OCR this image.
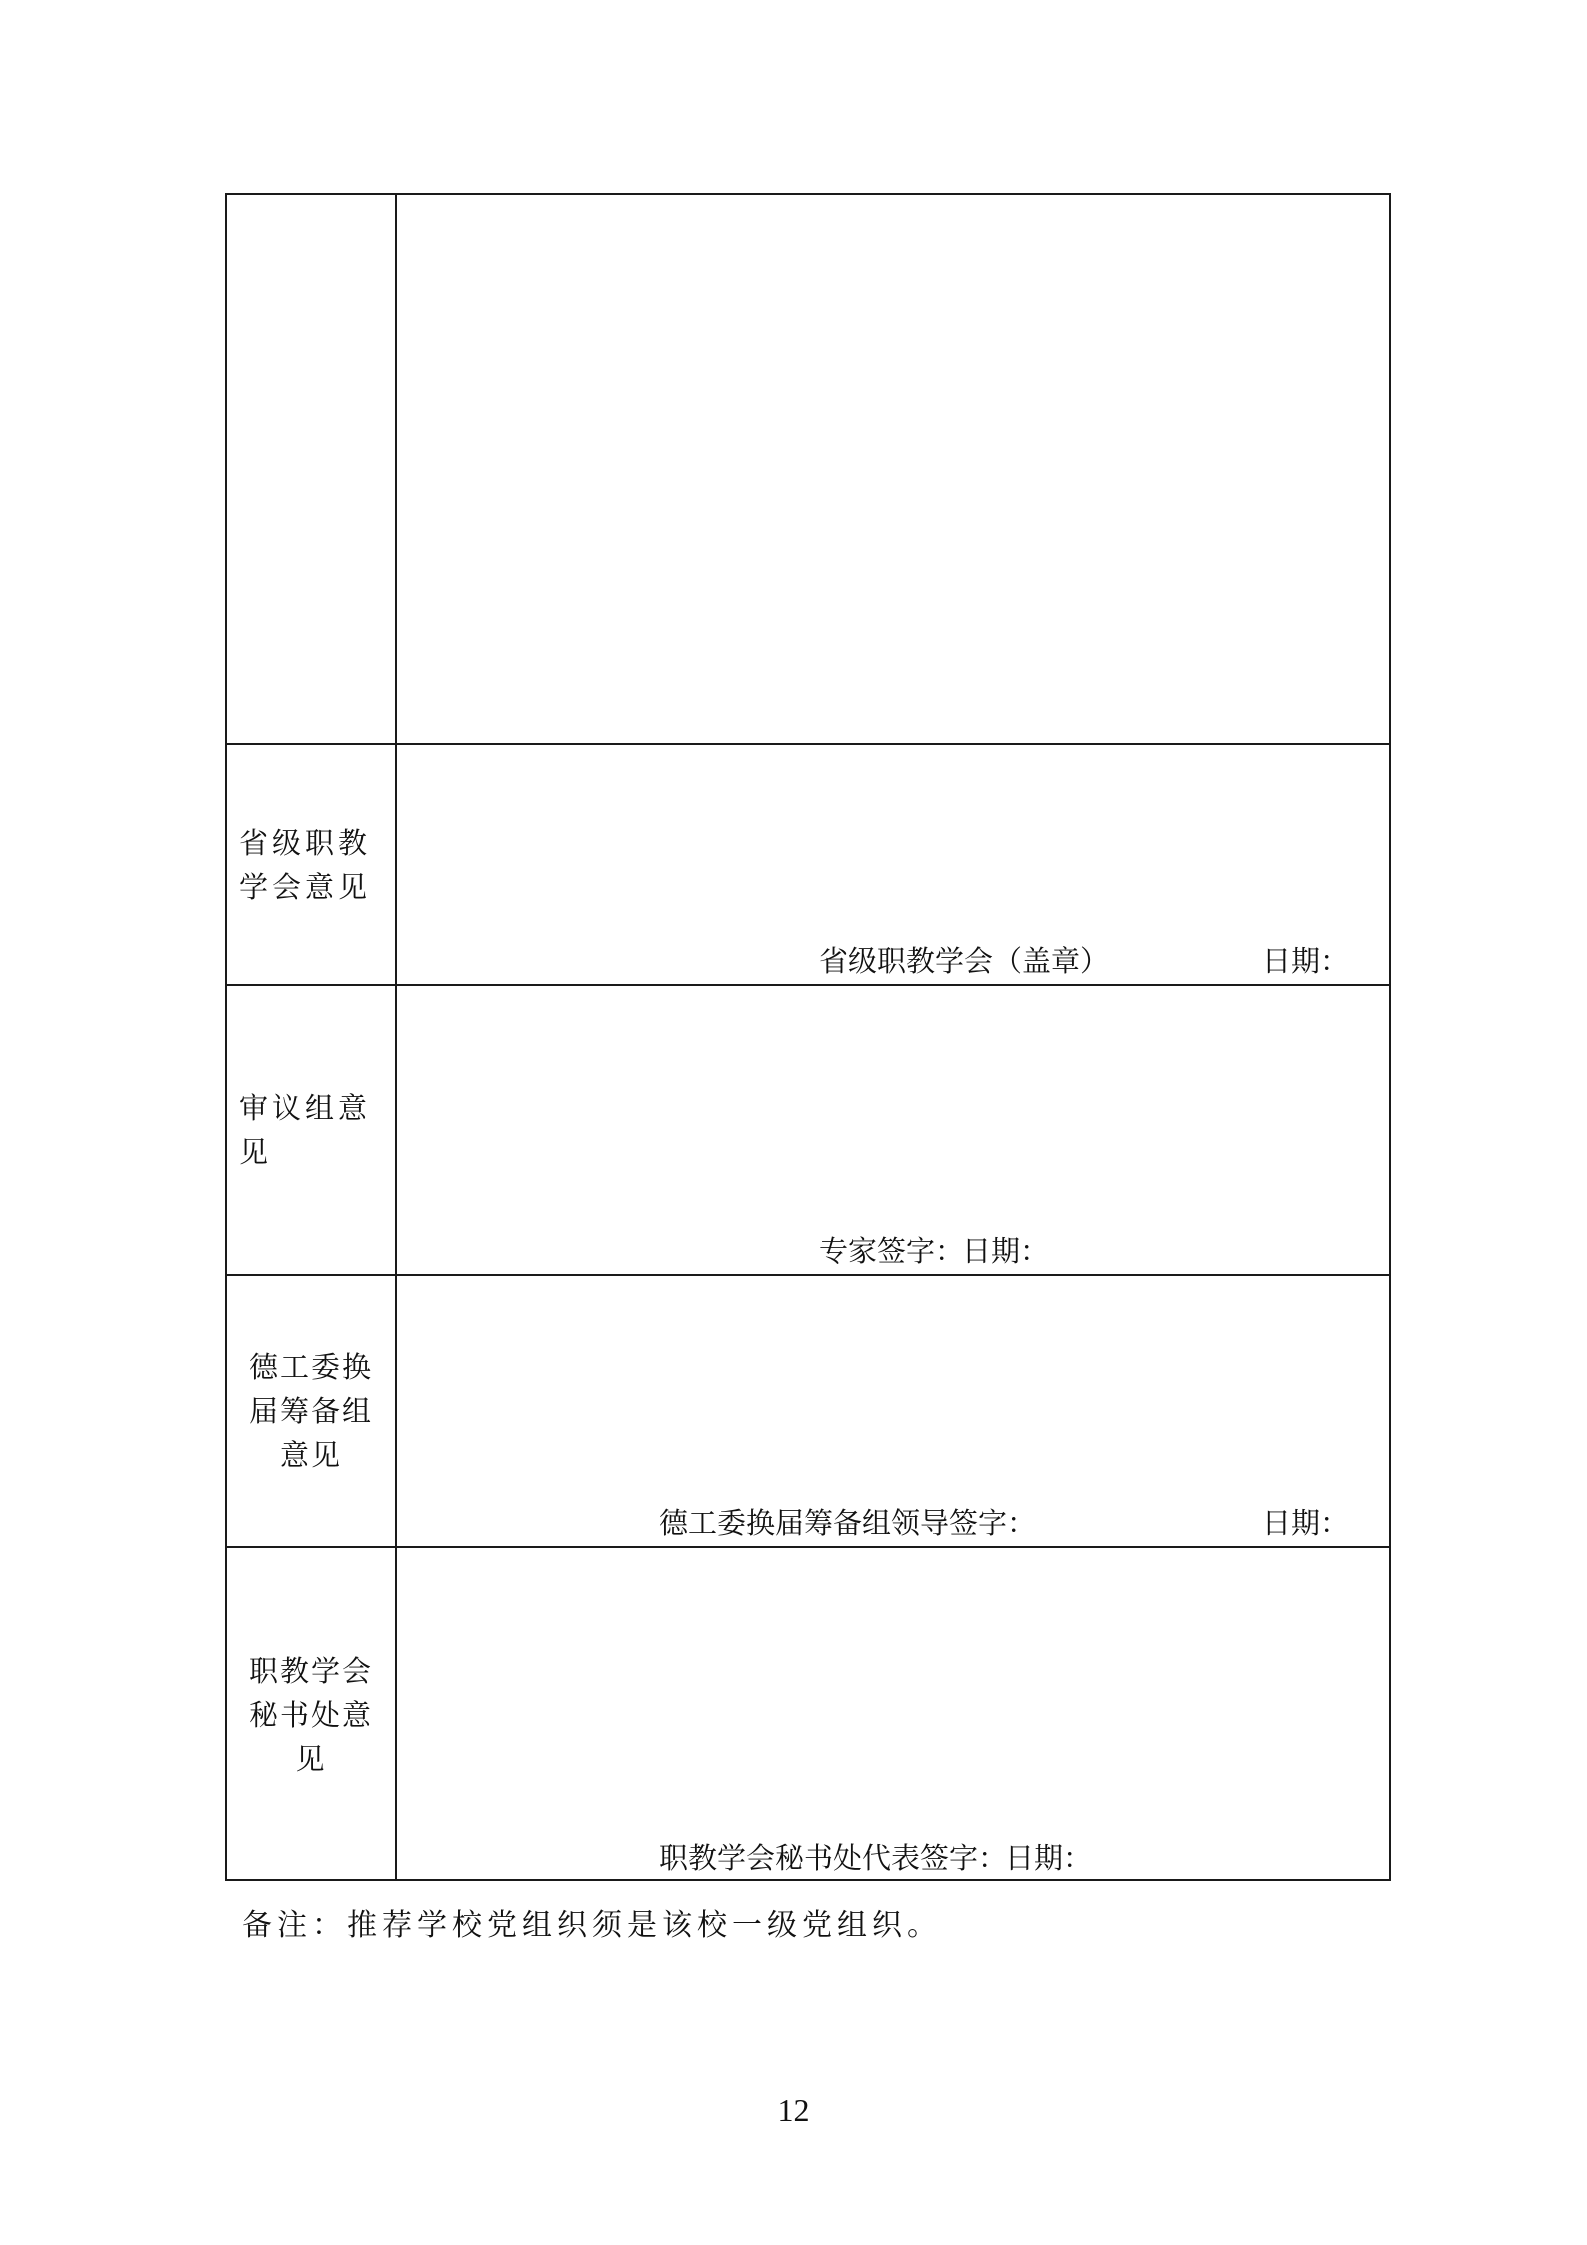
省级职教
学会意见
省级职教学会（盖章）	日期：
审议组意
见
专家签字：
日期：
德工委换
届筹备组
意见
德工委换届筹备组领导签字：	日期：
职教学会
秘书处意
见
职教学会秘书处代表签字：
日期：
备注：推荐学校党组织须是该校一级党组织。
12
